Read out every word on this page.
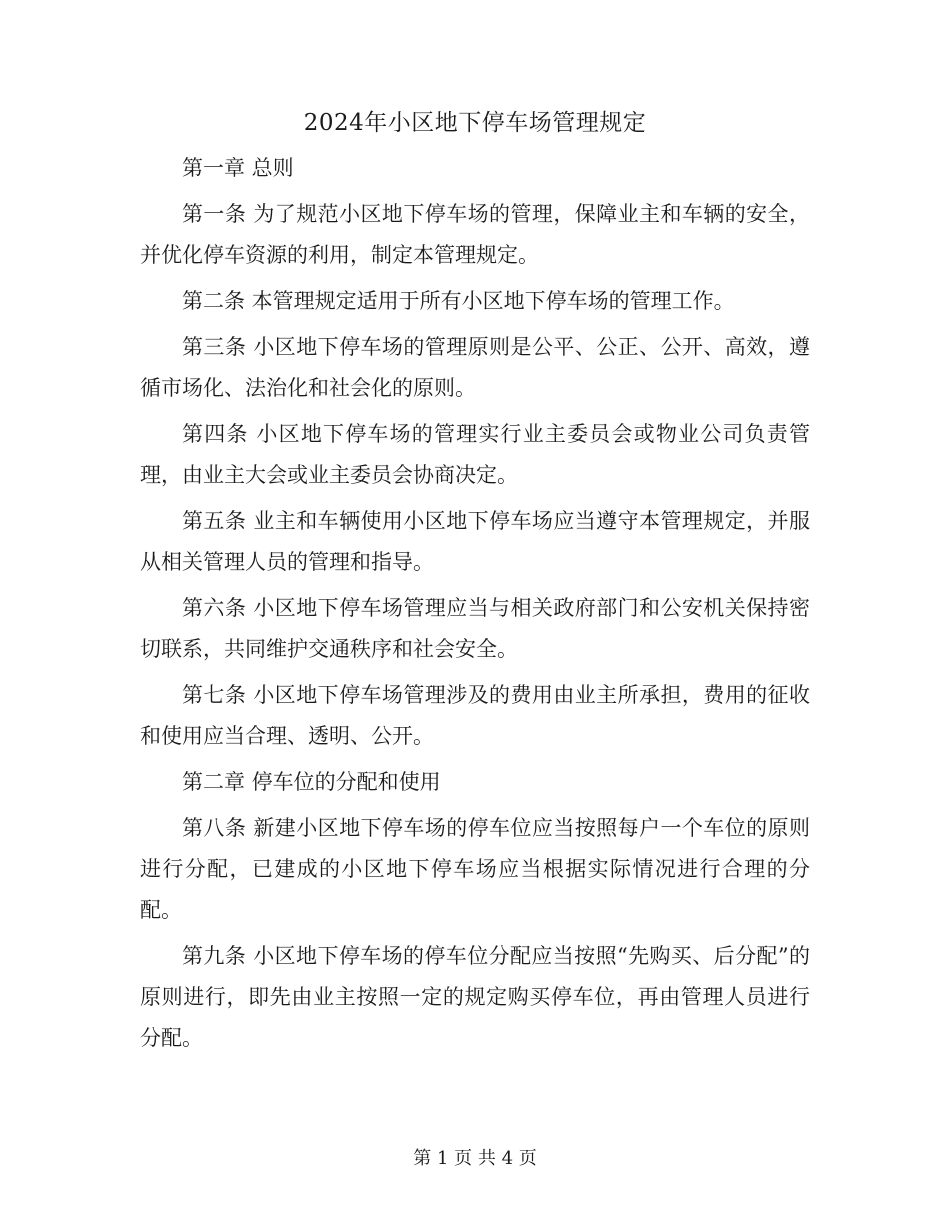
2024年小区地下停车场管理规定

第一章 总则

第一条 为了规范小区地下停车场的管理，保障业主和车辆的安全，并优化停车资源的利用，制定本管理规定。

第二条 本管理规定适用于所有小区地下停车场的管理工作。

第三条 小区地下停车场的管理原则是公平、公正、公开、高效，遵循市场化、法治化和社会化的原则。

第四条 小区地下停车场的管理实行业主委员会或物业公司负责管理，由业主大会或业主委员会协商决定。

第五条 业主和车辆使用小区地下停车场应当遵守本管理规定，并服从相关管理人员的管理和指导。

第六条 小区地下停车场管理应当与相关政府部门和公安机关保持密切联系，共同维护交通秩序和社会安全。

第七条 小区地下停车场管理涉及的费用由业主所承担，费用的征收和使用应当合理、透明、公开。

第二章 停车位的分配和使用

第八条 新建小区地下停车场的停车位应当按照每户一个车位的原则进行分配，已建成的小区地下停车场应当根据实际情况进行合理的分配。

第九条 小区地下停车场的停车位分配应当按照“先购买、后分配”的原则进行，即先由业主按照一定的规定购买停车位，再由管理人员进行分配。

第 1 页 共 4 页
